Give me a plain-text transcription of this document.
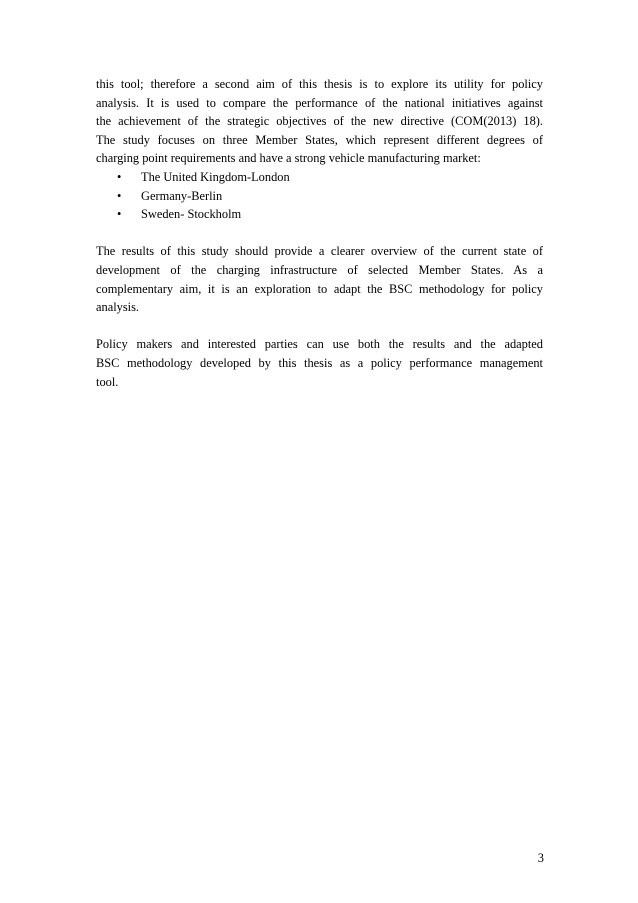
this tool; therefore a second aim of this thesis is to explore its utility for policy
analysis. It is used to compare the performance of the national initiatives against
the achievement of the strategic objectives of the new directive (COM(2013) 18).
The study focuses on three Member States, which represent different degrees of
charging point requirements and have a strong vehicle manufacturing market:

•	The United Kingdom-London
•	Germany-Berlin
•	Sweden- Stockholm

The results of this study should provide a clearer overview of the current state of
development of the charging infrastructure of selected Member States. As a
complementary aim, it is an exploration to adapt the BSC methodology for policy
analysis.

Policy makers and interested parties can use both the results and the adapted
BSC methodology developed by this thesis as a policy performance management
tool.

3
